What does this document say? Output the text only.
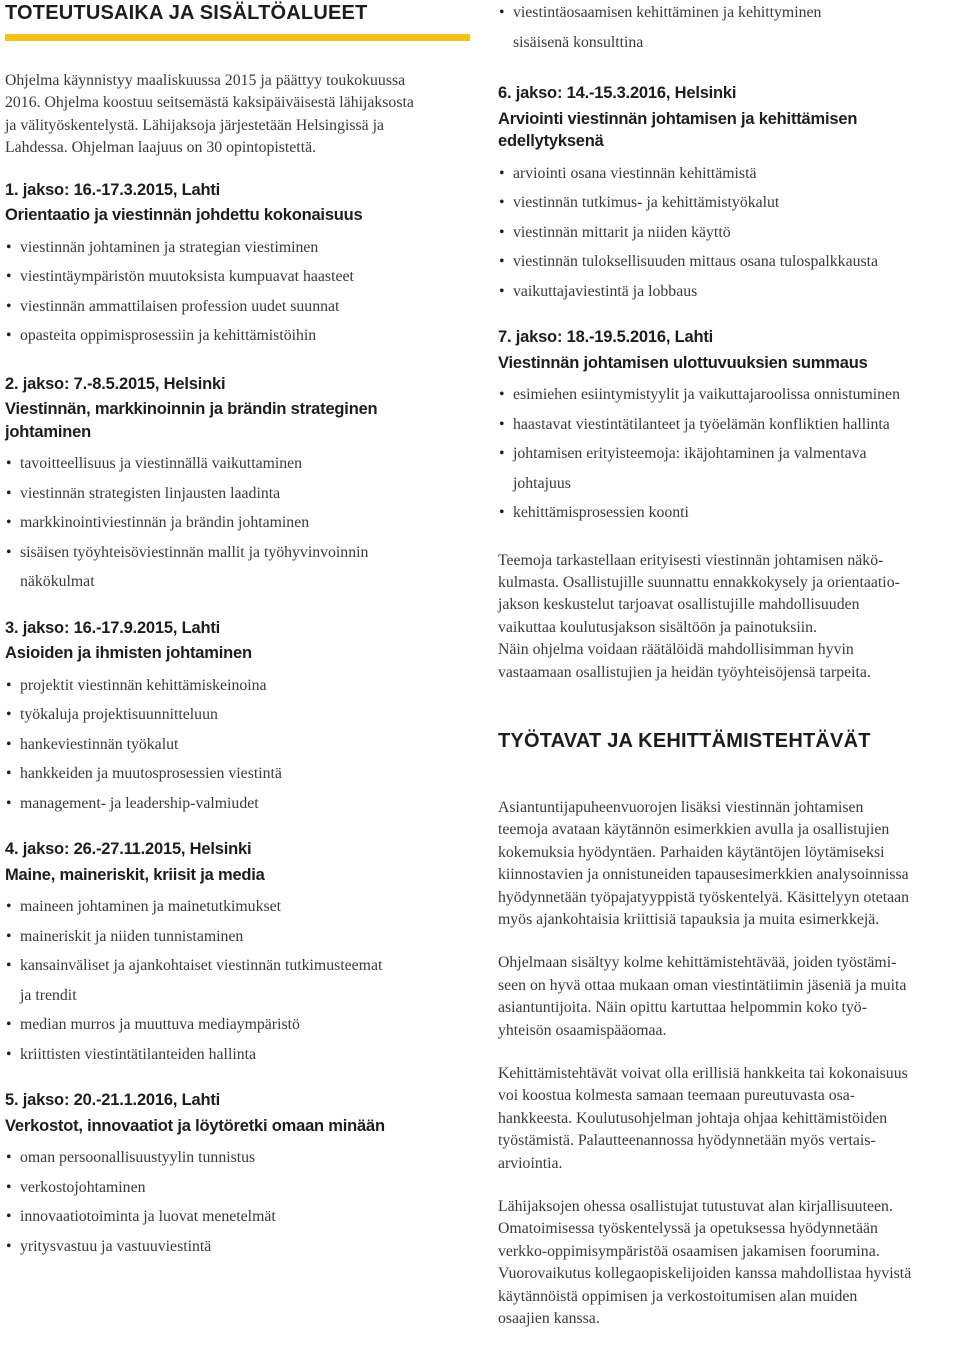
TOTEUTUSAIKA JA SISÄLTÖALUEET

Ohjelma käynnistyy maaliskuussa 2015 ja päättyy toukokuussa

2016. Ohjelma koostuu seitsemästä kaksipäiväisestä lähijaksosta

ja välityöskentelystä. Lähijaksoja järjestetään Helsingissä ja

Lahdessa. Ohjelman laajuus on 30 opintopistettä.

1. jakso: 16.-17.3.2015, Lahti
Orientaatio ja viestinnän johdettu kokonaisuus
• viestinnän johtaminen ja strategian viestiminen
• viestintäympäristön muutoksista kumpuavat haasteet
• viestinnän ammattilaisen profession uudet suunnat
• opasteita oppimisprosessiin ja kehittämistöihin
2. jakso: 7.-8.5.2015, Helsinki
Viestinnän, markkinoinnin ja brändin strateginen
johtaminen
• tavoitteellisuus ja viestinnällä vaikuttaminen
• viestinnän strategisten linjausten laadinta
• markkinointiviestinnän ja brändin johtaminen
• sisäisen työyhteisöviestinnän mallit ja työhyvinvoinnin
näkökulmat
3. jakso: 16.-17.9.2015, Lahti
Asioiden ja ihmisten johtaminen
• projektit viestinnän kehittämiskeinoina
• työkaluja projektisuunnitteluun
• hankeviestinnän työkalut
• hankkeiden ja muutosprosessien viestintä
• management- ja leadership-valmiudet
4. jakso: 26.-27.11.2015, Helsinki
Maine, maineriskit, kriisit ja media
• maineen johtaminen ja mainetutkimukset
• maineriskit ja niiden tunnistaminen
• kansainväliset ja ajankohtaiset viestinnän tutkimusteemat
ja trendit
• median murros ja muuttuva mediaympäristö
• kriittisten viestintätilanteiden hallinta
5. jakso: 20.-21.1.2016, Lahti
Verkostot, innovaatiot ja löytöretki omaan minään
• oman persoonallisuustyylin tunnistus
• verkostojohtaminen
• innovaatiotoiminta ja luovat menetelmät
• yritysvastuu ja vastuuviestintä
• viestintäosaamisen kehittäminen ja kehittyminen
sisäisenä konsulttina
6. jakso: 14.-15.3.2016, Helsinki
Arviointi viestinnän johtamisen ja kehittämisen
edellytyksenä
• arviointi osana viestinnän kehittämistä
• viestinnän tutkimus- ja kehittämistyökalut
• viestinnän mittarit ja niiden käyttö
• viestinnän tuloksellisuuden mittaus osana tulospalkkausta
• vaikuttajaviestintä ja lobbaus
7. jakso: 18.-19.5.2016, Lahti
Viestinnän johtamisen ulottuvuuksien summaus
• esimiehen esiintymistyylit ja vaikuttajaroolissa onnistuminen
• haastavat viestintätilanteet ja työelämän konfliktien hallinta
• johtamisen erityisteemoja: ikäjohtaminen ja valmentava
johtajuus
• kehittämisprosessien koonti

Teemoja tarkastellaan erityisesti viestinnän johtamisen näkö-

kulmasta. Osallistujille suunnattu ennakkokysely ja orientaatio-

jakson keskustelut tarjoavat osallistujille mahdollisuuden

vaikuttaa koulutusjakson sisältöön ja painotuksiin.

Näin ohjelma voidaan räätälöidä mahdollisimman hyvin

vastaamaan osallistujien ja heidän työyhteisöjensä tarpeita.

TYÖTAVAT JA KEHITTÄMISTEHTÄVÄT

Asiantuntijapuheenvuorojen lisäksi viestinnän johtamisen

teemoja avataan käytännön esimerkkien avulla ja osallistujien

kokemuksia hyödyntäen. Parhaiden käytäntöjen löytämiseksi

kiinnostavien ja onnistuneiden tapausesimerkkien analysoinnissa

hyödynnetään työpajatyyppistä työskentelyä. Käsittelyyn otetaan

myös ajankohtaisia kriittisiä tapauksia ja muita esimerkkejä.

Ohjelmaan sisältyy kolme kehittämistehtävää, joiden työstämi-

seen on hyvä ottaa mukaan oman viestintätiimin jäseniä ja muita

asiantuntijoita. Näin opittu kartuttaa helpommin koko työ-

yhteisön osaamispääomaa.

Kehittämistehtävät voivat olla erillisiä hankkeita tai kokonaisuus

voi koostua kolmesta samaan teemaan pureutuvasta osa-

hankkeesta. Koulutusohjelman johtaja ohjaa kehittämistöiden

työstämistä. Palautteenannossa hyödynnetään myös vertais-

arviointia.

Lähijaksojen ohessa osallistujat tutustuvat alan kirjallisuuteen.

Omatoimisessa työskentelyssä ja opetuksessa hyödynnetään

verkko-oppimisympäristöä osaamisen jakamisen foorumina.

Vuorovaikutus kollegaopiskelijoiden kanssa mahdollistaa hyvistä

käytännöistä oppimisen ja verkostoitumisen alan muiden

osaajien kanssa.
